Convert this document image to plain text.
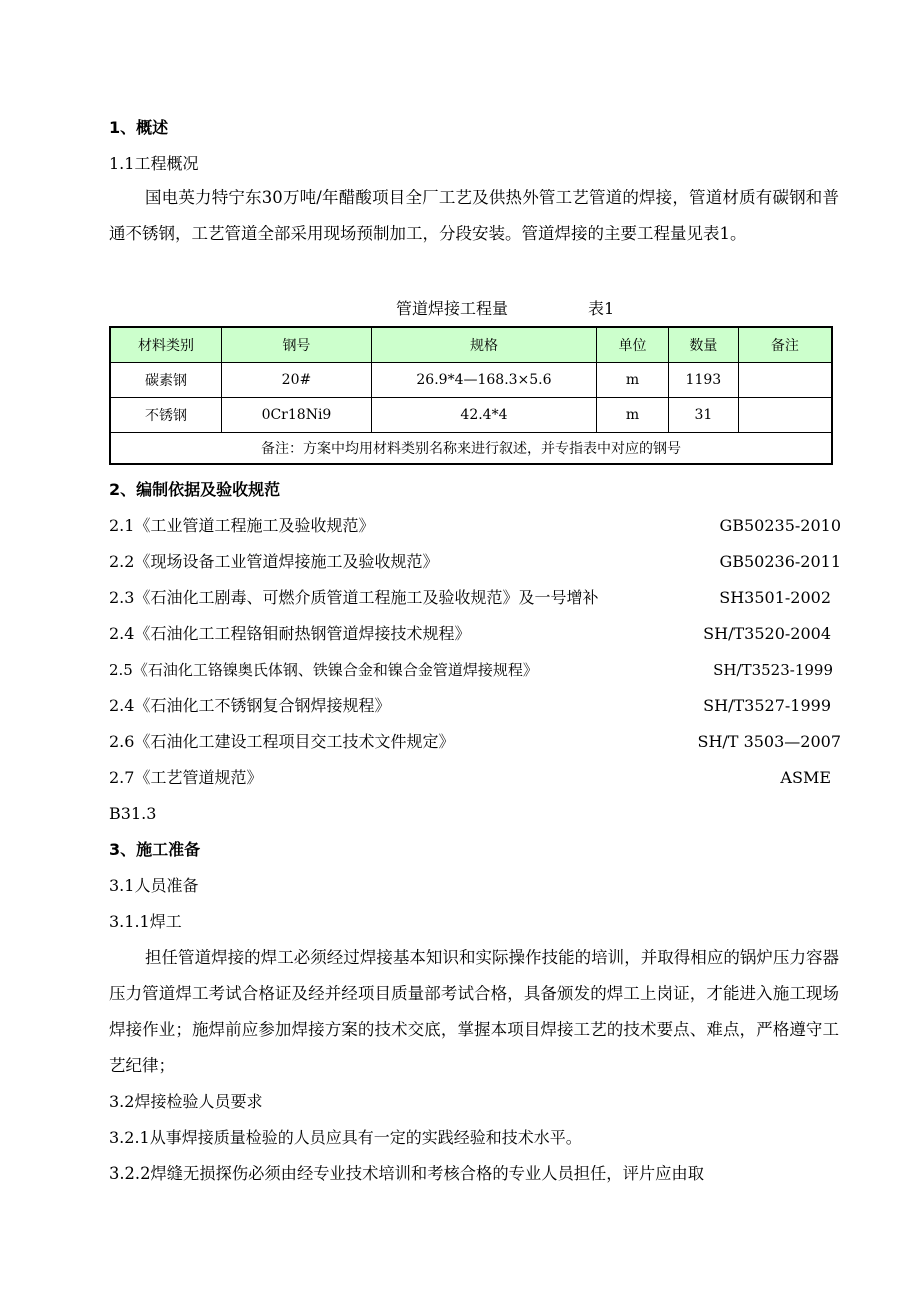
1、概述
1.1工程概况
国电英力特宁东30万吨/年醋酸项目全厂工艺及供热外管工艺管道的焊接，管道材质有碳钢和普通不锈钢，工艺管道全部采用现场预制加工，分段安装。管道焊接的主要工程量见表1。
管道焊接工程量	表1
材料类别	钢号	规格	单位	数量	备注
碳素钢	20#	26.9*4—168.3×5.6	m	1193	
不锈钢	0Cr18Ni9	42.4*4	m	31	
备注：方案中均用材料类别名称来进行叙述，并专指表中对应的钢号					
2、编制依据及验收规范
2.1《工业管道工程施工及验收规范》	GB50235-2010
2.2《现场设备工业管道焊接施工及验收规范》	GB50236-2011
2.3《石油化工剧毒、可燃介质管道工程施工及验收规范》及一号增补	SH3501-2002
2.4《石油化工工程铬钼耐热钢管道焊接技术规程》	SH/T3520-2004
2.5《石油化工铬镍奥氏体钢、铁镍合金和镍合金管道焊接规程》	SH/T3523-1999
2.4《石油化工不锈钢复合钢焊接规程》	SH/T3527-1999
2.6《石油化工建设工程项目交工技术文件规定》	SH/T 3503—2007
2.7《工艺管道规范》	ASME
B31.3
3、施工准备
3.1人员准备
3.1.1焊工
担任管道焊接的焊工必须经过焊接基本知识和实际操作技能的培训，并取得相应的锅炉压力容器压力管道焊工考试合格证及经并经项目质量部考试合格，具备颁发的焊工上岗证，才能进入施工现场焊接作业；施焊前应参加焊接方案的技术交底，掌握本项目焊接工艺的技术要点、难点，严格遵守工艺纪律；
3.2焊接检验人员要求
3.2.1从事焊接质量检验的人员应具有一定的实践经验和技术水平。
3.2.2焊缝无损探伤必须由经专业技术培训和考核合格的专业人员担任，评片应由取
